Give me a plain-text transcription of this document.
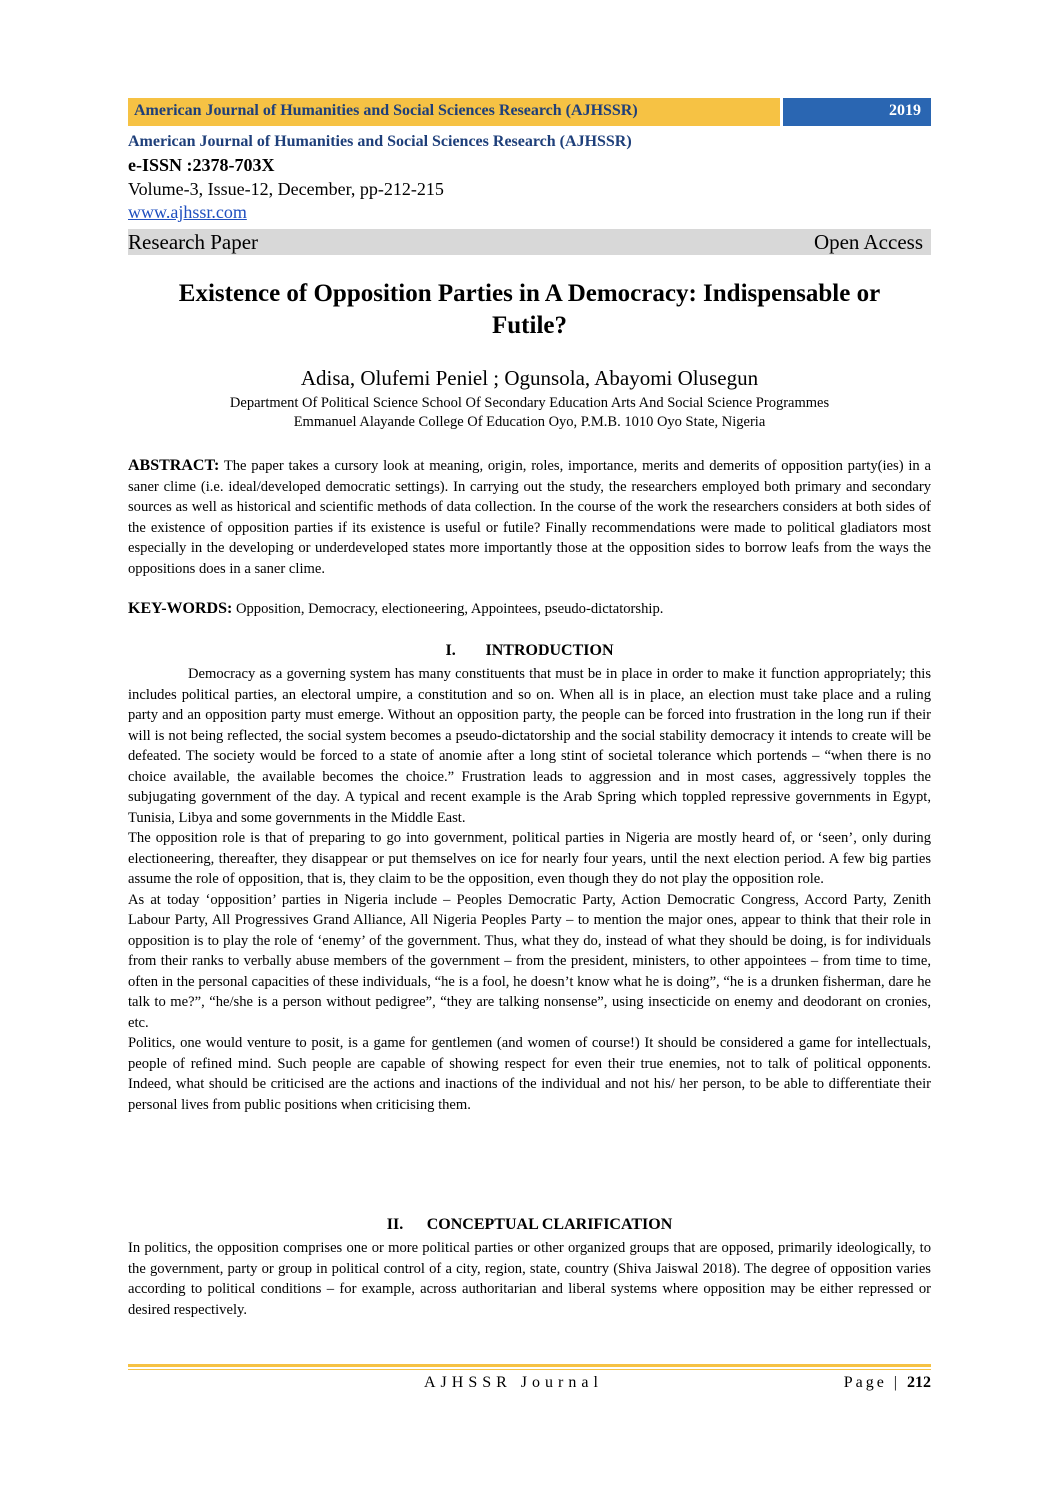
American Journal of Humanities and Social Sciences Research (AJHSSR)	2019
American Journal of Humanities and Social Sciences Research (AJHSSR)
e-ISSN :2378-703X
Volume-3, Issue-12, December, pp-212-215
www.ajhssr.com
Research Paper	Open Access
Existence of Opposition Parties in A Democracy: Indispensable or
Futile?
Adisa, Olufemi Peniel ; Ogunsola, Abayomi Olusegun
Department Of Political Science School Of Secondary Education Arts And Social Science Programmes
Emmanuel Alayande College Of Education Oyo, P.M.B. 1010 Oyo State, Nigeria
ABSTRACT: The paper takes a cursory look at meaning, origin, roles, importance, merits and demerits of opposition party(ies) in a saner clime (i.e. ideal/developed democratic settings). In carrying out the study, the researchers employed both primary and secondary sources as well as historical and scientific methods of data collection. In the course of the work the researchers considers at both sides of the existence of opposition parties if its existence is useful or futile? Finally recommendations were made to political gladiators most especially in the developing or underdeveloped states more importantly those at the opposition sides to borrow leafs from the ways the oppositions does in a saner clime.
KEY-WORDS: Opposition, Democracy, electioneering, Appointees, pseudo-dictatorship.
I. INTRODUCTION

Democracy as a governing system has many constituents that must be in place in order to make it function appropriately; this includes political parties, an electoral umpire, a constitution and so on. When all is in place, an election must take place and a ruling party and an opposition party must emerge. Without an opposition party, the people can be forced into frustration in the long run if their will is not being reflected, the social system becomes a pseudo-dictatorship and the social stability democracy it intends to create will be defeated. The society would be forced to a state of anomie after a long stint of societal tolerance which portends – “when there is no choice available, the available becomes the choice.” Frustration leads to aggression and in most cases, aggressively topples the subjugating government of the day. A typical and recent example is the Arab Spring which toppled repressive governments in Egypt, Tunisia, Libya and some governments in the Middle East.

The opposition role is that of preparing to go into government, political parties in Nigeria are mostly heard of, or ‘seen’, only during electioneering, thereafter, they disappear or put themselves on ice for nearly four years, until the next election period. A few big parties assume the role of opposition, that is, they claim to be the opposition, even though they do not play the opposition role.

As at today ‘opposition’ parties in Nigeria include – Peoples Democratic Party, Action Democratic Congress, Accord Party, Zenith Labour Party, All Progressives Grand Alliance, All Nigeria Peoples Party – to mention the major ones, appear to think that their role in opposition is to play the role of ‘enemy’ of the government. Thus, what they do, instead of what they should be doing, is for individuals from their ranks to verbally abuse members of the government – from the president, ministers, to other appointees – from time to time, often in the personal capacities of these individuals, “he is a fool, he doesn’t know what he is doing”, “he is a drunken fisherman, dare he talk to me?”, “he/she is a person without pedigree”, “they are talking nonsense”, using insecticide on enemy and deodorant on cronies, etc.

Politics, one would venture to posit, is a game for gentlemen (and women of course!) It should be considered a game for intellectuals, people of refined mind. Such people are capable of showing respect for even their true enemies, not to talk of political opponents. Indeed, what should be criticised are the actions and inactions of the individual and not his/ her person, to be able to differentiate their personal lives from public positions when criticising them.

II. CONCEPTUAL CLARIFICATION

In politics, the opposition comprises one or more political parties or other organized groups that are opposed, primarily ideologically, to the government, party or group in political control of a city, region, state, country (Shiva Jaiswal 2018). The degree of opposition varies according to political conditions – for example, across authoritarian and liberal systems where opposition may be either repressed or desired respectively.

AJHSSR Journal	Page | 212
